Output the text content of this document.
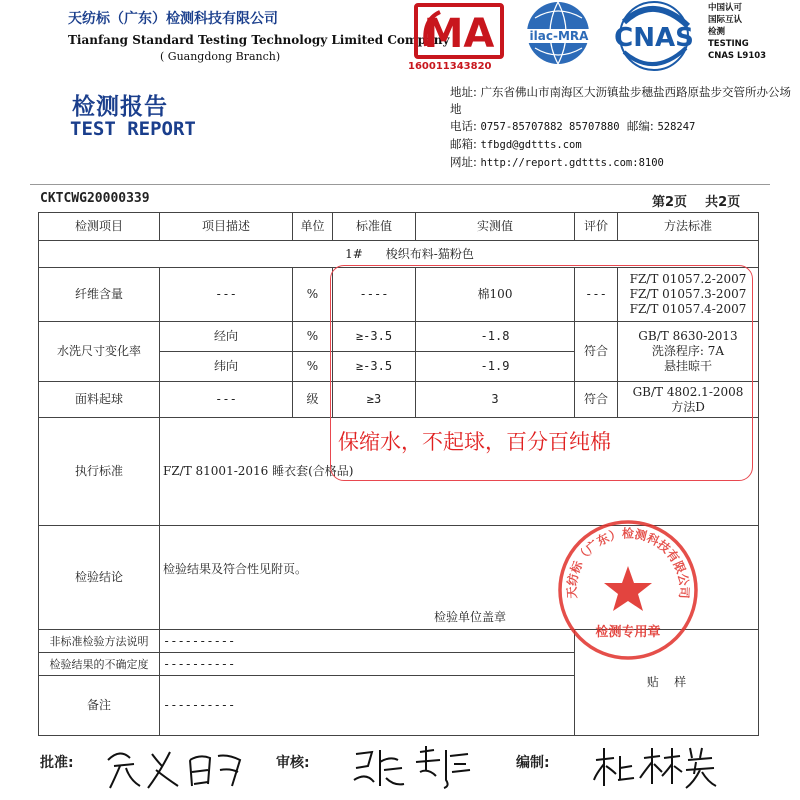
天纺标（广东）检测科技有限公司
Tianfang Standard Testing Technology Limited Company
( Guangdong Branch)
检测报告
TEST REPORT
MA	ilac-MRA CNAS
160011343820
中国认可
国际互认
检测
TESTING
CNAS L9103
地址: 广东省佛山市南海区大沥镇盐步穗盐西路原盐步交管所办公场地
电话: 0757-85707882 85707880 邮编: 528247
邮箱: tfbgd@gdttts.com
网址: http://report.gdttts.com:8100
CKTCWG20000339	第2页    共2页
检测项目	项目描述	单位	标准值	实测值	评价	方法标准
1# 梭织布料-猫粉色						
纤维含量	---	%	----	棉100	---	FZ/T 01057.2-2007
FZ/T 01057.3-2007
FZ/T 01057.4-2007

水洗尺寸变化率	经向	%	≥-3.5	-1.8	符合	GB/T 8630-2013
洗涤程序: 7A
悬挂晾干

	纬向	%	≥-3.5	-1.9		
面料起球	---	级	≥3	3	符合	GB/T 4802.1-2008
方法D

执行标准	FZ/T 81001-2016 睡衣套(合格品)					
检验结论	检验结果及符合性见附页。
检验单位盖章					

非标准检验方法说明	----------				贴    样	
检验结果的不确定度	----------					
备注	----------					
保缩水，不起球，百分百纯棉
天纺标（广东）检测科技有限公司
检测专用章
批准:	审核:	编制:
